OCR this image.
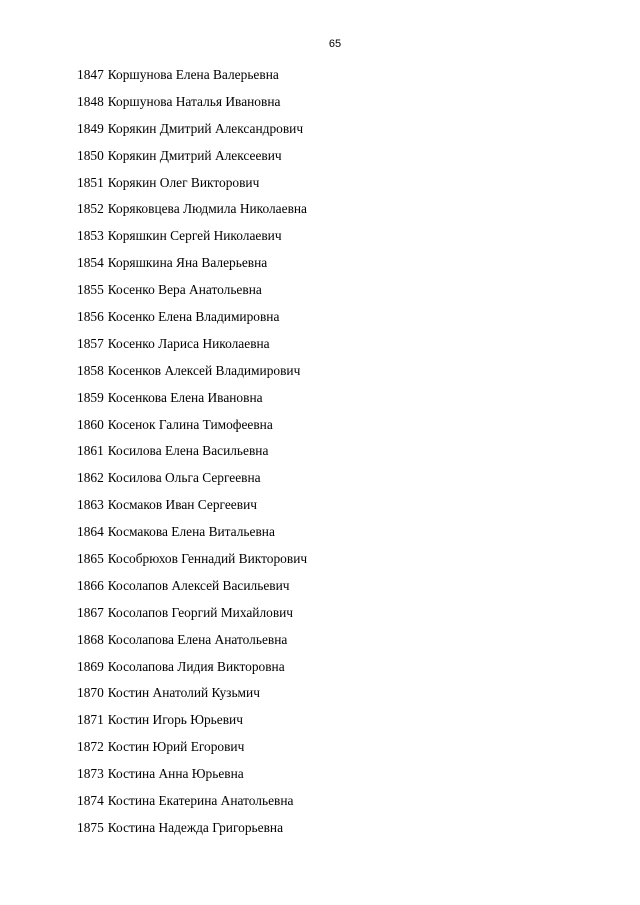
65
1847 Коршунова Елена Валерьевна
1848 Коршунова Наталья Ивановна
1849 Корякин Дмитрий Александрович
1850 Корякин Дмитрий Алексеевич
1851 Корякин Олег Викторович
1852 Коряковцева Людмила Николаевна
1853 Коряшкин Сергей Николаевич
1854 Коряшкина Яна Валерьевна
1855 Косенко Вера Анатольевна
1856 Косенко Елена Владимировна
1857 Косенко Лариса Николаевна
1858 Косенков Алексей Владимирович
1859 Косенкова Елена Ивановна
1860 Косенок Галина Тимофеевна
1861 Косилова Елена Васильевна
1862 Косилова Ольга Сергеевна
1863 Космаков Иван Сергеевич
1864 Космакова Елена Витальевна
1865 Кособрюхов Геннадий Викторович
1866 Косолапов Алексей Васильевич
1867 Косолапов Георгий Михайлович
1868 Косолапова Елена Анатольевна
1869 Косолапова Лидия Викторовна
1870 Костин Анатолий Кузьмич
1871 Костин Игорь Юрьевич
1872 Костин Юрий Егорович
1873 Костина Анна Юрьевна
1874 Костина Екатерина Анатольевна
1875 Костина Надежда Григорьевна
